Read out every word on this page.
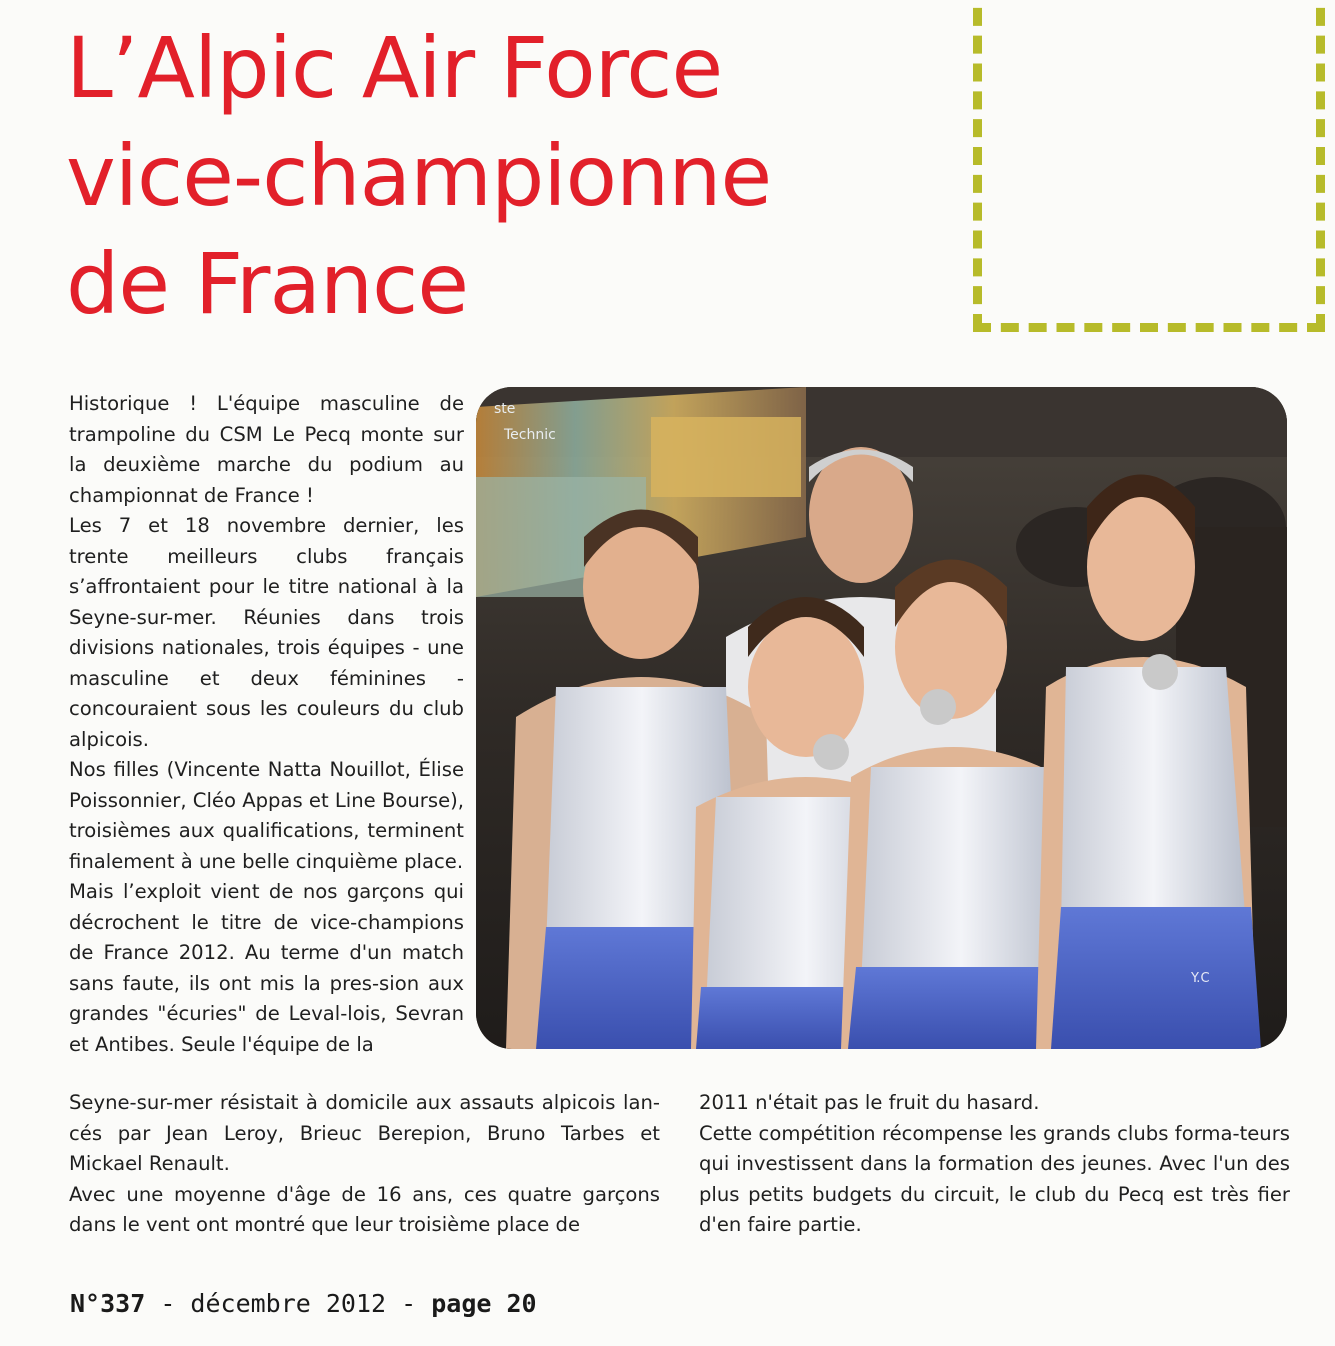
L’Alpic Air Force
vice-championne
de France

Historique ! L'équipe masculine de trampoline du CSM Le Pecq monte sur la deuxième marche du podium au championnat de France !

Les 7 et 18 novembre dernier, les trente meilleurs clubs français s’affrontaient pour le titre national à la Seyne-sur-mer. Réunies dans trois divisions nationales, trois équipes - une masculine et deux féminines - concouraient sous les couleurs du club alpicois.

Nos filles (Vincente Natta Nouillot, Élise Poissonnier, Cléo Appas et Line Bourse), troisièmes aux qualifications, terminent finalement à une belle cinquième place.

Mais l’exploit vient de nos garçons qui décrochent le titre de vice-champions de France 2012. Au terme d'un match sans faute, ils ont mis la pres-sion aux grandes "écuries" de Leval-lois, Sevran et Antibes. Seule l'équipe de la

ste
Technic
Y.C

Seyne-sur-mer résistait à domicile aux assauts alpicois lan-cés par Jean Leroy, Brieuc Berepion, Bruno Tarbes et Mickael Renault.

Avec une moyenne d'âge de 16 ans, ces quatre garçons dans le vent ont montré que leur troisième place de

2011 n'était pas le fruit du hasard.

Cette compétition récompense les grands clubs forma-teurs qui investissent dans la formation des jeunes. Avec l'un des plus petits budgets du circuit, le club du Pecq est très fier d'en faire partie.

N°337 - décembre 2012 - page 20
